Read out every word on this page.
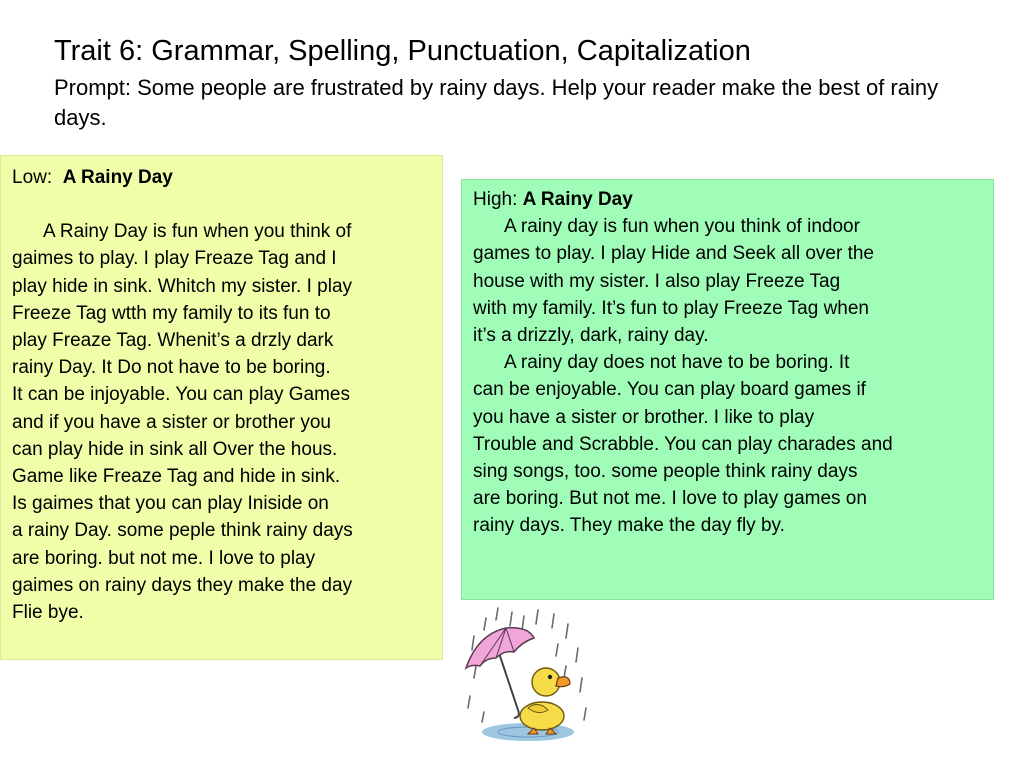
Trait 6: Grammar, Spelling, Punctuation, Capitalization

Prompt: Some people are frustrated by rainy days. Help your reader make the best of rainy days.

Low: A Rainy Day
A Rainy Day is fun when you think of
gaimes to play. I play Freaze Tag and I
play hide in sink. Whitch my sister. I play
Freeze Tag wtth my family to its fun to
play Freaze Tag. Whenit’s a drzly dark
rainy Day. It Do not have to be boring.
It can be injoyable. You can play Games
and if you have a sister or brother you
can play hide in sink all Over the hous.
Game like Freaze Tag and hide in sink.
Is gaimes that you can play Iniside on
a rainy Day. some peple think rainy days
are boring. but not me. I love to play
gaimes on rainy days they make the day
Flie bye.
High: A Rainy Day
A rainy day is fun when you think of indoor
games to play. I play Hide and Seek all over the
house with my sister. I also play Freeze Tag
with my family. It’s fun to play Freeze Tag when
it’s a drizzly, dark, rainy day.
A rainy day does not have to be boring. It
can be enjoyable. You can play board games if
you have a sister or brother. I like to play
Trouble and Scrabble. You can play charades and
sing songs, too. some people think rainy days
are boring. But not me. I love to play games on
rainy days. They make the day fly by.
